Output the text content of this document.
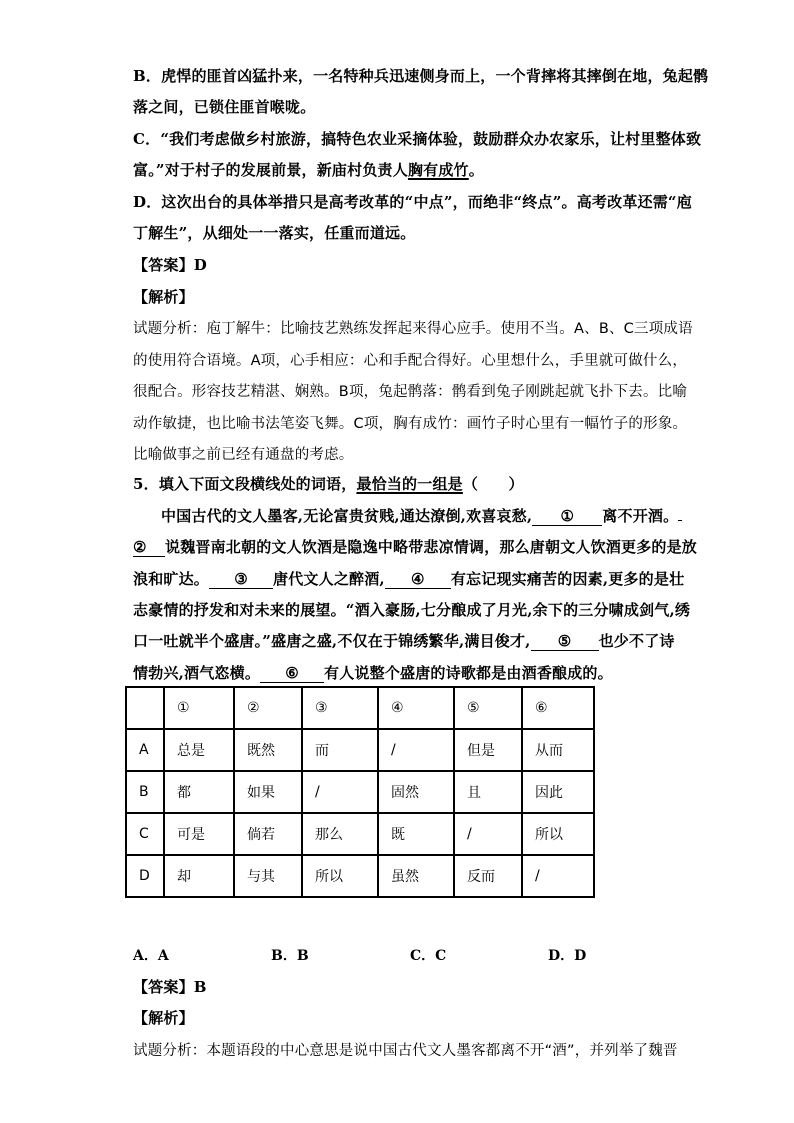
B．虎悍的匪首凶猛扑来，一名特种兵迅速侧身而上，一个背摔将其摔倒在地，兔起鹘
落之间，已锁住匪首喉咙。
C．“我们考虑做乡村旅游，搞特色农业采摘体验，鼓励群众办农家乐，让村里整体致
富。”对于村子的发展前景，新庙村负责人胸有成竹。
D．这次出台的具体举措只是高考改革的“中点”，而绝非“终点”。高考改革还需“庖
丁解生”，从细处一一落实，任重而道远。
【答案】D
【解析】
试题分析：庖丁解牛：比喻技艺熟练发挥起来得心应手。使用不当。A、B、C三项成语
的使用符合语境。A项，心手相应：心和手配合得好。心里想什么，手里就可做什么，
很配合。形容技艺精湛、娴熟。B项，兔起鹘落：鹘看到兔子刚跳起就飞扑下去。比喻
动作敏捷，也比喻书法笔姿飞舞。C项，胸有成竹：画竹子时心里有一幅竹子的形象。
比喻做事之前已经有通盘的考虑。
5．填入下面文段横线处的词语，最恰当的一组是（　　）
中国古代的文人墨客,无论富贵贫贱,通达潦倒,欢喜哀愁, ① 离不开酒。
② 说魏晋南北朝的文人饮酒是隐逸中略带悲凉情调，那么唐朝文人饮酒更多的是放
浪和旷达。 ③ 唐代文人之醉酒, ④ 有忘记现实痛苦的因素,更多的是壮
志豪情的抒发和对未来的展望。“酒入豪肠,七分酿成了月光,余下的三分啸成剑气,绣
口一吐就半个盛唐。”盛唐之盛,不仅在于锦绣繁华,满目俊才, ⑤ 也少不了诗
情勃兴,酒气恣横。 ⑥ 有人说整个盛唐的诗歌都是由酒香酿成的。
	①	②	③	④	⑤	⑥
A	总是	既然	而	/	但是	从而
B	都	如果	/	固然	且	因此
C	可是	倘若	那么	既	/	所以
D	却	与其	所以	虽然	反而	/
A．A	B．B	C．C	D．D
【答案】B
【解析】
试题分析：本题语段的中心意思是说中国古代文人墨客都离不开“酒”，并列举了魏晋
